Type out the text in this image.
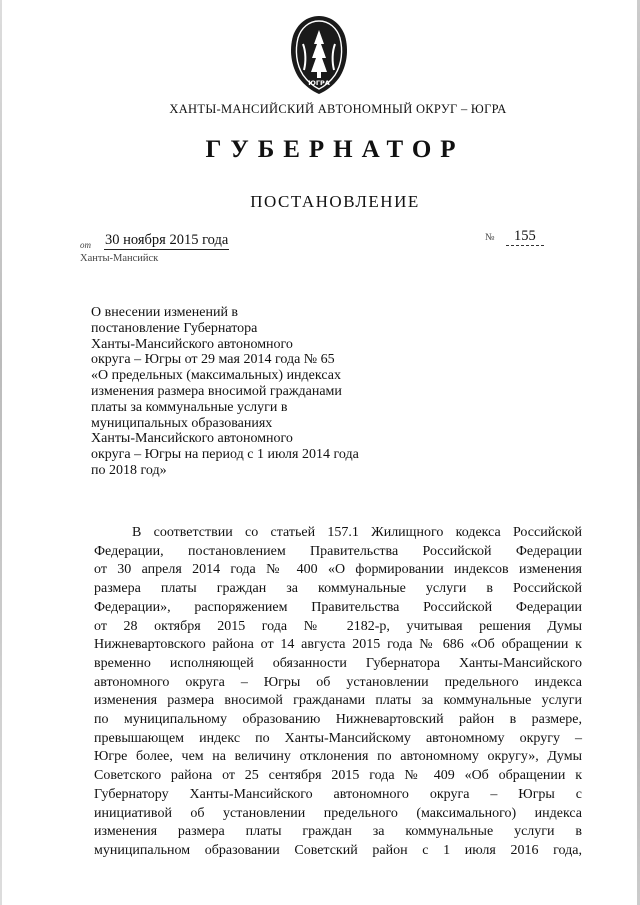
ЮГРА
ХАНТЫ-МАНСИЙСКИЙ АВТОНОМНЫЙ ОКРУГ – ЮГРА
ГУБЕРНАТОР
ПОСТАНОВЛЕНИЕ
от 30 ноября 2015 года	№	155
Ханты-Мансийск
О внесении изменений в
постановление Губернатора
Ханты-Мансийского автономного
округа – Югры от 29 мая 2014 года № 65
«О предельных (максимальных) индексах
изменения размера вносимой гражданами
платы за коммунальные услуги в
муниципальных образованиях
Ханты-Мансийского автономного
округа – Югры на период с 1 июля 2014 года
по 2018 год»
В соответствии со статьей 157.1 Жилищного кодекса Российской
Федерации, постановлением Правительства Российской Федерации
от 30 апреля 2014 года № 400 «О формировании индексов изменения
размера платы граждан за коммунальные услуги в Российской
Федерации», распоряжением Правительства Российской Федерации
от 28 октября 2015 года № 2182-р, учитывая решения Думы
Нижневартовского района от 14 августа 2015 года № 686 «Об обращении к
временно исполняющей обязанности Губернатора Ханты-Мансийского
автономного округа – Югры об установлении предельного индекса
изменения размера вносимой гражданами платы за коммунальные услуги
по муниципальному образованию Нижневартовский район в размере,
превышающем индекс по Ханты-Мансийскому автономному округу –
Югре более, чем на величину отклонения по автономному округу», Думы
Советского района от 25 сентября 2015 года № 409 «Об обращении к
Губернатору Ханты-Мансийского автономного округа – Югры с
инициативой об установлении предельного (максимального) индекса
изменения размера платы граждан за коммунальные услуги в
муниципальном образовании Советский район с 1 июля 2016 года,
